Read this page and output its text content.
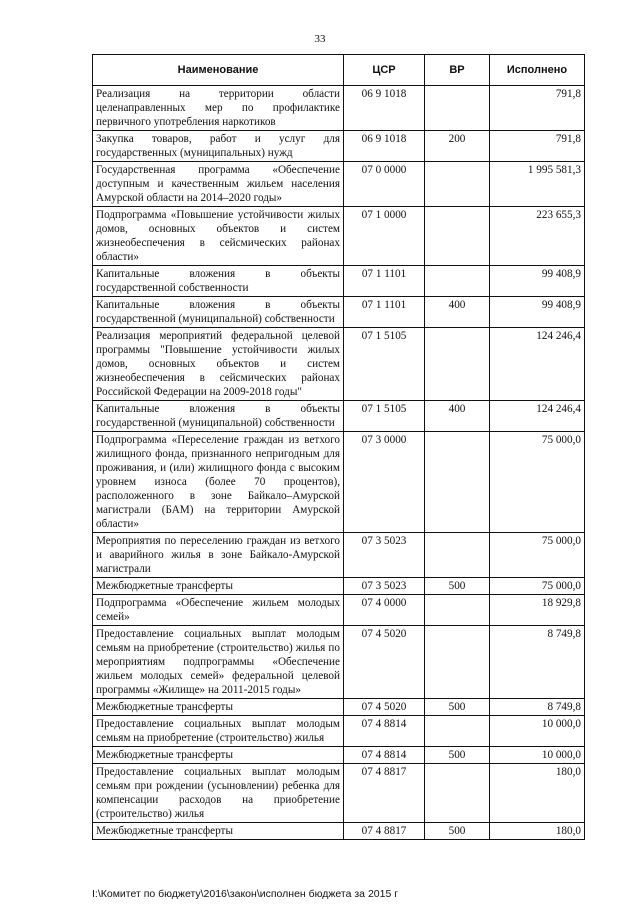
33
Наименование	ЦСР	ВР	Исполнено
Реализация на территории области целенаправленных мер по профилактике первичного употребления наркотиков	06 9 1018		791,8
Закупка товаров, работ и услуг для государственных (муниципальных) нужд	06 9 1018	200	791,8
Государственная программа «Обеспечение доступным и качественным жильем населения Амурской области на 2014–2020 годы»	07 0 0000		1 995 581,3
Подпрограмма «Повышение устойчивости жилых домов, основных объектов и систем жизнеобеспечения в сейсмических районах области»	07 1 0000		223 655,3
Капитальные вложения в объекты государственной собственности	07 1 1101		99 408,9
Капитальные вложения в объекты государственной (муниципальной) собственности	07 1 1101	400	99 408,9
Реализация мероприятий федеральной целевой программы "Повышение устойчивости жилых домов, основных объектов и систем жизнеобеспечения в сейсмических районах Российской Федерации на 2009-2018 годы"	07 1 5105		124 246,4
Капитальные вложения в объекты государственной (муниципальной) собственности	07 1 5105	400	124 246,4
Подпрограмма «Переселение граждан из ветхого жилищного фонда, признанного непригодным для проживания, и (или) жилищного фонда с высоким уровнем износа (более 70 процентов), расположенного в зоне Байкало–Амурской магистрали (БАМ) на территории Амурской области»	07 3 0000		75 000,0
Мероприятия по переселению граждан из ветхого и аварийного жилья в зоне Байкало-Амурской магистрали	07 3 5023		75 000,0
Межбюджетные трансферты	07 3 5023	500	75 000,0
Подпрограмма «Обеспечение жильем молодых семей»	07 4 0000		18 929,8
Предоставление социальных выплат молодым семьям на приобретение (строительство) жилья по мероприятиям подпрограммы «Обеспечение жильем молодых семей» федеральной целевой программы «Жилище» на 2011-2015 годы»	07 4 5020		8 749,8
Межбюджетные трансферты	07 4 5020	500	8 749,8
Предоставление социальных выплат молодым семьям на приобретение (строительство) жилья	07 4 8814		10 000,0
Межбюджетные трансферты	07 4 8814	500	10 000,0
Предоставление социальных выплат молодым семьям при рождении (усыновлении) ребенка для компенсации расходов на приобретение (строительство) жилья	07 4 8817		180,0
Межбюджетные трансферты	07 4 8817	500	180,0
I:\Комитет по бюджету\2016\закон\исполнен бюджета за 2015 г
